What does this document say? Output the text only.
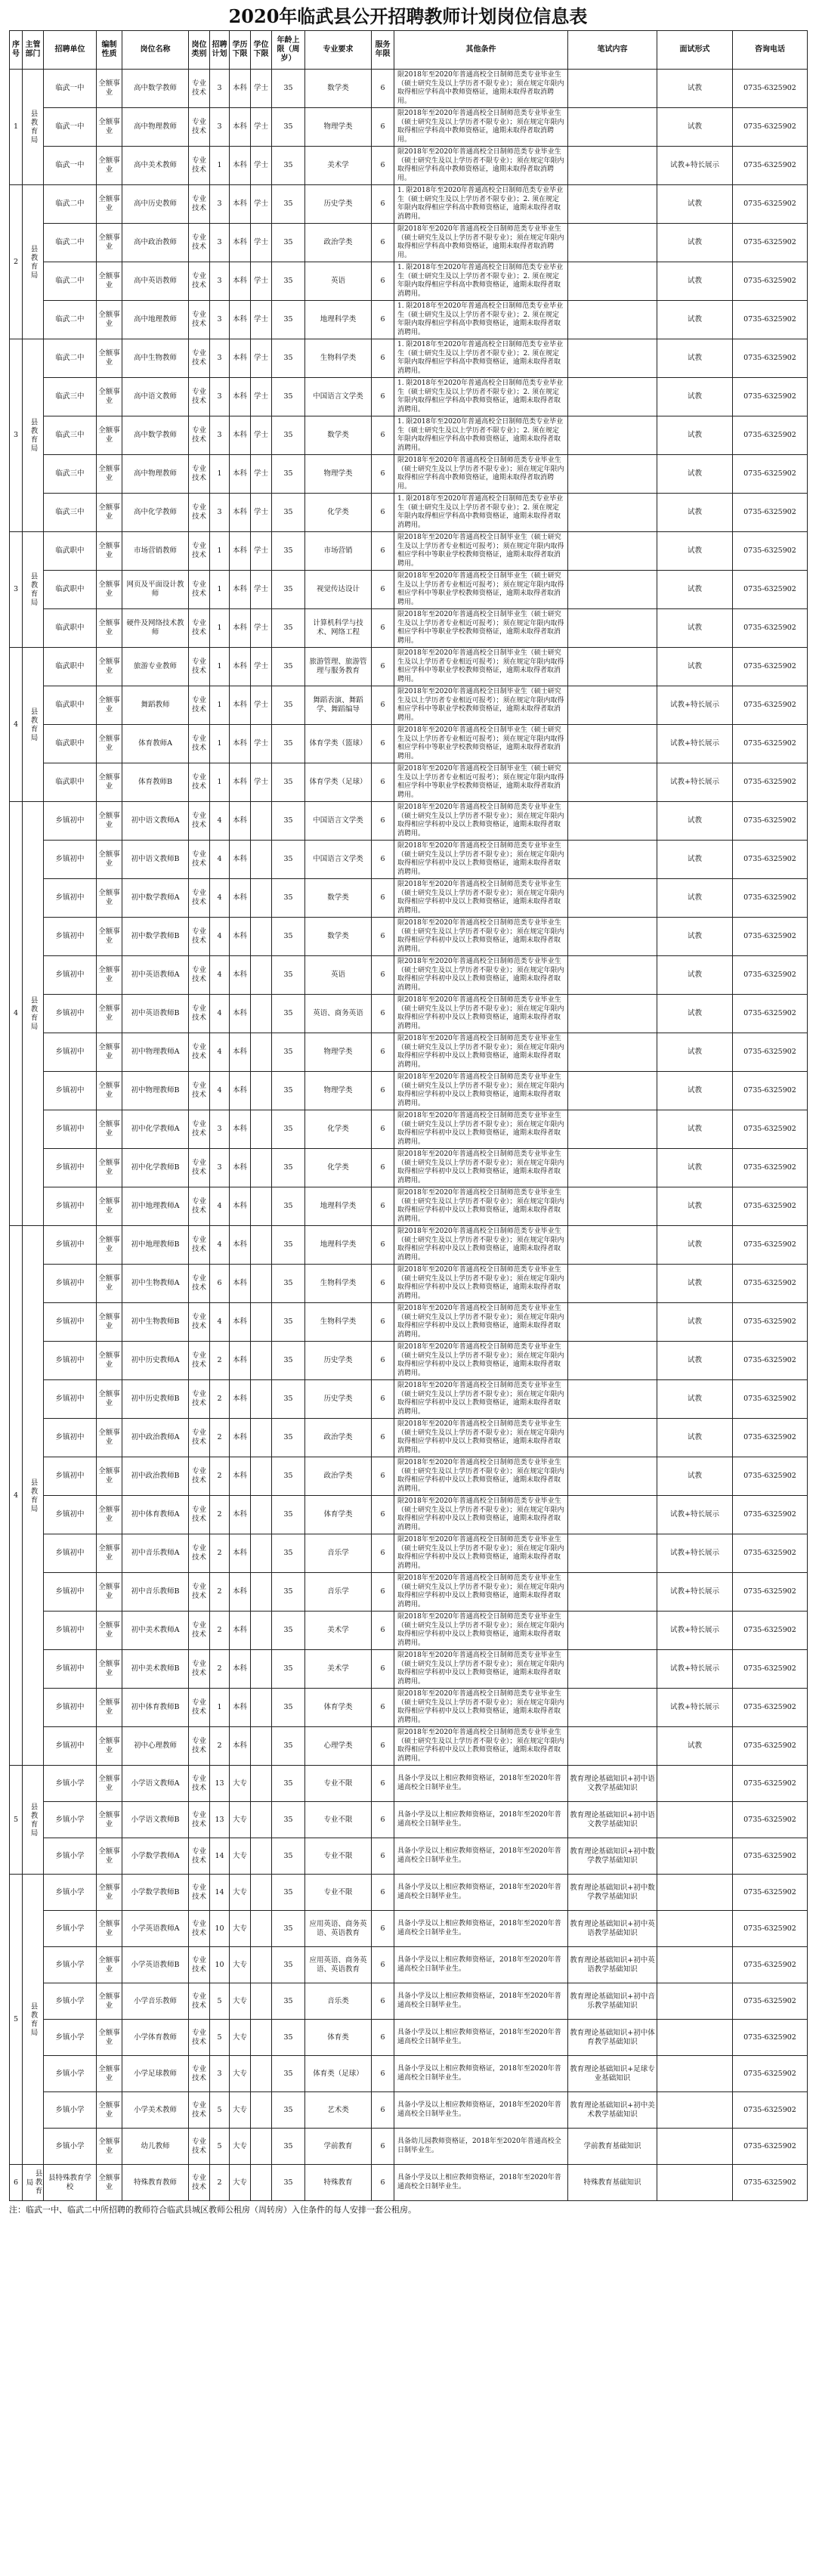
2020年临武县公开招聘教师计划岗位信息表
序号	主管部门	招聘单位	编制性质	岗位名称	岗位类别	招聘计划	学历下限	学位下限	年龄上限（周岁）	专业要求	服务年限	其他条件	笔试内容	面试形式	咨询电话
1	县教育局	临武一中	全额事业	高中数学教师	专业技术	3	本科	学士	35	数学类	6	限2018年至2020年普通高校全日制师范类专业毕业生（硕士研究生及以上学历者不限专业）；须在规定年限内取得相应学科高中教师资格证，逾期未取得者取消聘用。		试教	0735-6325902
		临武一中	全额事业	高中物理教师	专业技术	3	本科	学士	35	物理学类	6	限2018年至2020年普通高校全日制师范类专业毕业生（硕士研究生及以上学历者不限专业）；须在规定年限内取得相应学科高中教师资格证，逾期未取得者取消聘用。		试教	0735-6325902
		临武一中	全额事业	高中美术教师	专业技术	1	本科	学士	35	美术学	6	限2018年至2020年普通高校全日制师范类专业毕业生（硕士研究生及以上学历者不限专业）；须在规定年限内取得相应学科高中教师资格证，逾期未取得者取消聘用。		试教+特长展示	0735-6325902
2	县教育局	临武二中	全额事业	高中历史教师	专业技术	3	本科	学士	35	历史学类	6	1. 限2018年至2020年普通高校全日制师范类专业毕业生（硕士研究生及以上学历者不限专业）；2. 须在规定年限内取得相应学科高中教师资格证，逾期未取得者取消聘用。		试教	0735-6325902
		临武二中	全额事业	高中政治教师	专业技术	3	本科	学士	35	政治学类	6	限2018年至2020年普通高校全日制师范类专业毕业生（硕士研究生及以上学历者不限专业）；须在规定年限内取得相应学科高中教师资格证，逾期未取得者取消聘用。		试教	0735-6325902
		临武二中	全额事业	高中英语教师	专业技术	3	本科	学士	35	英语	6	1. 限2018年至2020年普通高校全日制师范类专业毕业生（硕士研究生及以上学历者不限专业）；2. 须在规定年限内取得相应学科高中教师资格证，逾期未取得者取消聘用。		试教	0735-6325902
		临武二中	全额事业	高中地理教师	专业技术	3	本科	学士	35	地理科学类	6	1. 限2018年至2020年普通高校全日制师范类专业毕业生（硕士研究生及以上学历者不限专业）；2. 须在规定年限内取得相应学科高中教师资格证，逾期未取得者取消聘用。		试教	0735-6325902
3	县教育局	临武二中	全额事业	高中生物教师	专业技术	3	本科	学士	35	生物科学类	6	1. 限2018年至2020年普通高校全日制师范类专业毕业生（硕士研究生及以上学历者不限专业）；2. 须在规定年限内取得相应学科高中教师资格证，逾期未取得者取消聘用。		试教	0735-6325902
		临武三中	全额事业	高中语文教师	专业技术	3	本科	学士	35	中国语言文学类	6	1. 限2018年至2020年普通高校全日制师范类专业毕业生（硕士研究生及以上学历者不限专业）；2. 须在规定年限内取得相应学科高中教师资格证，逾期未取得者取消聘用。		试教	0735-6325902
		临武三中	全额事业	高中数学教师	专业技术	3	本科	学士	35	数学类	6	1. 限2018年至2020年普通高校全日制师范类专业毕业生（硕士研究生及以上学历者不限专业）；2. 须在规定年限内取得相应学科高中教师资格证，逾期未取得者取消聘用。		试教	0735-6325902
		临武三中	全额事业	高中物理教师	专业技术	1	本科	学士	35	物理学类	6	限2018年至2020年普通高校全日制师范类专业毕业生（硕士研究生及以上学历者不限专业）；须在规定年限内取得相应学科高中教师资格证，逾期未取得者取消聘用。		试教	0735-6325902
		临武三中	全额事业	高中化学教师	专业技术	3	本科	学士	35	化学类	6	1. 限2018年至2020年普通高校全日制师范类专业毕业生（硕士研究生及以上学历者不限专业）；2. 须在规定年限内取得相应学科高中教师资格证，逾期未取得者取消聘用。		试教	0735-6325902
3	县教育局	临武职中	全额事业	市场营销教师	专业技术	1	本科	学士	35	市场营销	6	限2018年至2020年普通高校全日制毕业生（硕士研究生及以上学历者专业相近可报考）；须在规定年限内取得相应学科中等职业学校教师资格证，逾期未取得者取消聘用。		试教	0735-6325902
		临武职中	全额事业	网页及平面设计教师	专业技术	1	本科	学士	35	视觉传达设计	6	限2018年至2020年普通高校全日制毕业生（硕士研究生及以上学历者专业相近可报考）；须在规定年限内取得相应学科中等职业学校教师资格证，逾期未取得者取消聘用。		试教	0735-6325902
		临武职中	全额事业	硬件及网络技术教师	专业技术	1	本科	学士	35	计算机科学与技术、网络工程	6	限2018年至2020年普通高校全日制毕业生（硕士研究生及以上学历者专业相近可报考）；须在规定年限内取得相应学科中等职业学校教师资格证，逾期未取得者取消聘用。		试教	0735-6325902
4	县教育局	临武职中	全额事业	旅游专业教师	专业技术	1	本科	学士	35	旅游管理、旅游管理与服务教育	6	限2018年至2020年普通高校全日制毕业生（硕士研究生及以上学历者专业相近可报考）；须在规定年限内取得相应学科中等职业学校教师资格证，逾期未取得者取消聘用。		试教	0735-6325902
		临武职中	全额事业	舞蹈教师	专业技术	1	本科	学士	35	舞蹈表演、舞蹈学、舞蹈编导	6	限2018年至2020年普通高校全日制毕业生（硕士研究生及以上学历者专业相近可报考）；须在规定年限内取得相应学科中等职业学校教师资格证，逾期未取得者取消聘用。		试教+特长展示	0735-6325902
		临武职中	全额事业	体育教师A	专业技术	1	本科	学士	35	体育学类（篮球）	6	限2018年至2020年普通高校全日制毕业生（硕士研究生及以上学历者专业相近可报考）；须在规定年限内取得相应学科中等职业学校教师资格证，逾期未取得者取消聘用。		试教+特长展示	0735-6325902
		临武职中	全额事业	体育教师B	专业技术	1	本科	学士	35	体育学类（足球）	6	限2018年至2020年普通高校全日制毕业生（硕士研究生及以上学历者专业相近可报考）；须在规定年限内取得相应学科中等职业学校教师资格证，逾期未取得者取消聘用。		试教+特长展示	0735-6325902
4	县教育局	乡镇初中	全额事业	初中语文教师A	专业技术	4	本科		35	中国语言文学类	6	限2018年至2020年普通高校全日制师范类专业毕业生（硕士研究生及以上学历者不限专业）；须在规定年限内取得相应学科初中及以上教师资格证，逾期未取得者取消聘用。		试教	0735-6325902
		乡镇初中	全额事业	初中语文教师B	专业技术	4	本科		35	中国语言文学类	6	限2018年至2020年普通高校全日制师范类专业毕业生（硕士研究生及以上学历者不限专业）；须在规定年限内取得相应学科初中及以上教师资格证，逾期未取得者取消聘用。		试教	0735-6325902
		乡镇初中	全额事业	初中数学教师A	专业技术	4	本科		35	数学类	6	限2018年至2020年普通高校全日制师范类专业毕业生（硕士研究生及以上学历者不限专业）；须在规定年限内取得相应学科初中及以上教师资格证，逾期未取得者取消聘用。		试教	0735-6325902
		乡镇初中	全额事业	初中数学教师B	专业技术	4	本科		35	数学类	6	限2018年至2020年普通高校全日制师范类专业毕业生（硕士研究生及以上学历者不限专业）；须在规定年限内取得相应学科初中及以上教师资格证，逾期未取得者取消聘用。		试教	0735-6325902
		乡镇初中	全额事业	初中英语教师A	专业技术	4	本科		35	英语	6	限2018年至2020年普通高校全日制师范类专业毕业生（硕士研究生及以上学历者不限专业）；须在规定年限内取得相应学科初中及以上教师资格证，逾期未取得者取消聘用。		试教	0735-6325902
		乡镇初中	全额事业	初中英语教师B	专业技术	4	本科		35	英语、商务英语	6	限2018年至2020年普通高校全日制师范类专业毕业生（硕士研究生及以上学历者不限专业）；须在规定年限内取得相应学科初中及以上教师资格证，逾期未取得者取消聘用。		试教	0735-6325902
		乡镇初中	全额事业	初中物理教师A	专业技术	4	本科		35	物理学类	6	限2018年至2020年普通高校全日制师范类专业毕业生（硕士研究生及以上学历者不限专业）；须在规定年限内取得相应学科初中及以上教师资格证，逾期未取得者取消聘用。		试教	0735-6325902
		乡镇初中	全额事业	初中物理教师B	专业技术	4	本科		35	物理学类	6	限2018年至2020年普通高校全日制师范类专业毕业生（硕士研究生及以上学历者不限专业）；须在规定年限内取得相应学科初中及以上教师资格证，逾期未取得者取消聘用。		试教	0735-6325902
		乡镇初中	全额事业	初中化学教师A	专业技术	3	本科		35	化学类	6	限2018年至2020年普通高校全日制师范类专业毕业生（硕士研究生及以上学历者不限专业）；须在规定年限内取得相应学科初中及以上教师资格证，逾期未取得者取消聘用。		试教	0735-6325902
		乡镇初中	全额事业	初中化学教师B	专业技术	3	本科		35	化学类	6	限2018年至2020年普通高校全日制师范类专业毕业生（硕士研究生及以上学历者不限专业）；须在规定年限内取得相应学科初中及以上教师资格证，逾期未取得者取消聘用。		试教	0735-6325902
		乡镇初中	全额事业	初中地理教师A	专业技术	4	本科		35	地理科学类	6	限2018年至2020年普通高校全日制师范类专业毕业生（硕士研究生及以上学历者不限专业）；须在规定年限内取得相应学科初中及以上教师资格证，逾期未取得者取消聘用。		试教	0735-6325902
4	县教育局	乡镇初中	全额事业	初中地理教师B	专业技术	4	本科		35	地理科学类	6	限2018年至2020年普通高校全日制师范类专业毕业生（硕士研究生及以上学历者不限专业）；须在规定年限内取得相应学科初中及以上教师资格证，逾期未取得者取消聘用。		试教	0735-6325902
		乡镇初中	全额事业	初中生物教师A	专业技术	6	本科		35	生物科学类	6	限2018年至2020年普通高校全日制师范类专业毕业生（硕士研究生及以上学历者不限专业）；须在规定年限内取得相应学科初中及以上教师资格证，逾期未取得者取消聘用。		试教	0735-6325902
		乡镇初中	全额事业	初中生物教师B	专业技术	4	本科		35	生物科学类	6	限2018年至2020年普通高校全日制师范类专业毕业生（硕士研究生及以上学历者不限专业）；须在规定年限内取得相应学科初中及以上教师资格证，逾期未取得者取消聘用。		试教	0735-6325902
		乡镇初中	全额事业	初中历史教师A	专业技术	2	本科		35	历史学类	6	限2018年至2020年普通高校全日制师范类专业毕业生（硕士研究生及以上学历者不限专业）；须在规定年限内取得相应学科初中及以上教师资格证，逾期未取得者取消聘用。		试教	0735-6325902
		乡镇初中	全额事业	初中历史教师B	专业技术	2	本科		35	历史学类	6	限2018年至2020年普通高校全日制师范类专业毕业生（硕士研究生及以上学历者不限专业）；须在规定年限内取得相应学科初中及以上教师资格证，逾期未取得者取消聘用。		试教	0735-6325902
		乡镇初中	全额事业	初中政治教师A	专业技术	2	本科		35	政治学类	6	限2018年至2020年普通高校全日制师范类专业毕业生（硕士研究生及以上学历者不限专业）；须在规定年限内取得相应学科初中及以上教师资格证，逾期未取得者取消聘用。		试教	0735-6325902
		乡镇初中	全额事业	初中政治教师B	专业技术	2	本科		35	政治学类	6	限2018年至2020年普通高校全日制师范类专业毕业生（硕士研究生及以上学历者不限专业）；须在规定年限内取得相应学科初中及以上教师资格证，逾期未取得者取消聘用。		试教	0735-6325902
		乡镇初中	全额事业	初中体育教师A	专业技术	2	本科		35	体育学类	6	限2018年至2020年普通高校全日制师范类专业毕业生（硕士研究生及以上学历者不限专业）；须在规定年限内取得相应学科初中及以上教师资格证，逾期未取得者取消聘用。		试教+特长展示	0735-6325902
		乡镇初中	全额事业	初中音乐教师A	专业技术	2	本科		35	音乐学	6	限2018年至2020年普通高校全日制师范类专业毕业生（硕士研究生及以上学历者不限专业）；须在规定年限内取得相应学科初中及以上教师资格证，逾期未取得者取消聘用。		试教+特长展示	0735-6325902
		乡镇初中	全额事业	初中音乐教师B	专业技术	2	本科		35	音乐学	6	限2018年至2020年普通高校全日制师范类专业毕业生（硕士研究生及以上学历者不限专业）；须在规定年限内取得相应学科初中及以上教师资格证，逾期未取得者取消聘用。		试教+特长展示	0735-6325902
		乡镇初中	全额事业	初中美术教师A	专业技术	2	本科		35	美术学	6	限2018年至2020年普通高校全日制师范类专业毕业生（硕士研究生及以上学历者不限专业）；须在规定年限内取得相应学科初中及以上教师资格证，逾期未取得者取消聘用。		试教+特长展示	0735-6325902
		乡镇初中	全额事业	初中美术教师B	专业技术	2	本科		35	美术学	6	限2018年至2020年普通高校全日制师范类专业毕业生（硕士研究生及以上学历者不限专业）；须在规定年限内取得相应学科初中及以上教师资格证，逾期未取得者取消聘用。		试教+特长展示	0735-6325902
		乡镇初中	全额事业	初中体育教师B	专业技术	1	本科		35	体育学类	6	限2018年至2020年普通高校全日制师范类专业毕业生（硕士研究生及以上学历者不限专业）；须在规定年限内取得相应学科初中及以上教师资格证，逾期未取得者取消聘用。		试教+特长展示	0735-6325902
		乡镇初中	全额事业	初中心理教师	专业技术	2	本科		35	心理学类	6	限2018年至2020年普通高校全日制师范类专业毕业生（硕士研究生及以上学历者不限专业）；须在规定年限内取得相应学科初中及以上教师资格证，逾期未取得者取消聘用。		试教	0735-6325902
5	县教育局	乡镇小学	全额事业	小学语文教师A	专业技术	13	大专		35	专业不限	6	具备小学及以上相应教师资格证，2018年至2020年普通高校全日制毕业生。	教育理论基础知识+初中语文教学基础知识		0735-6325902
		乡镇小学	全额事业	小学语文教师B	专业技术	13	大专		35	专业不限	6	具备小学及以上相应教师资格证，2018年至2020年普通高校全日制毕业生。	教育理论基础知识+初中语文教学基础知识		0735-6325902
		乡镇小学	全额事业	小学数学教师A	专业技术	14	大专		35	专业不限	6	具备小学及以上相应教师资格证，2018年至2020年普通高校全日制毕业生。	教育理论基础知识+初中数学教学基础知识		0735-6325902
5	县教育局	乡镇小学	全额事业	小学数学教师B	专业技术	14	大专		35	专业不限	6	具备小学及以上相应教师资格证，2018年至2020年普通高校全日制毕业生。	教育理论基础知识+初中数学教学基础知识		0735-6325902
		乡镇小学	全额事业	小学英语教师A	专业技术	10	大专		35	应用英语、商务英语、英语教育	6	具备小学及以上相应教师资格证，2018年至2020年普通高校全日制毕业生。	教育理论基础知识+初中英语教学基础知识		0735-6325902
		乡镇小学	全额事业	小学英语教师B	专业技术	10	大专		35	应用英语、商务英语、英语教育	6	具备小学及以上相应教师资格证，2018年至2020年普通高校全日制毕业生。	教育理论基础知识+初中英语教学基础知识		0735-6325902
		乡镇小学	全额事业	小学音乐教师	专业技术	5	大专		35	音乐类	6	具备小学及以上相应教师资格证，2018年至2020年普通高校全日制毕业生。	教育理论基础知识+初中音乐教学基础知识		0735-6325902
		乡镇小学	全额事业	小学体育教师	专业技术	5	大专		35	体育类	6	具备小学及以上相应教师资格证，2018年至2020年普通高校全日制毕业生。	教育理论基础知识+初中体育教学基础知识		0735-6325902
		乡镇小学	全额事业	小学足球教师	专业技术	3	大专		35	体育类（足球）	6	具备小学及以上相应教师资格证，2018年至2020年普通高校全日制毕业生。	教育理论基础知识+足球专业基础知识		0735-6325902
		乡镇小学	全额事业	小学美术教师	专业技术	5	大专		35	艺术类	6	具备小学及以上相应教师资格证，2018年至2020年普通高校全日制毕业生。	教育理论基础知识+初中美术教学基础知识		0735-6325902
		乡镇小学	全额事业	幼儿教师	专业技术	5	大专		35	学前教育	6	具备幼儿园教师资格证，2018年至2020年普通高校全日制毕业生。	学前教育基础知识		0735-6325902
6	县教育局	县特殊教育学校	全额事业	特殊教育教师	专业技术	2	大专		35	特殊教育	6	具备小学及以上相应教师资格证，2018年至2020年普通高校全日制毕业生。	特殊教育基础知识		0735-6325902
注：临武一中、临武二中所招聘的教师符合临武县城区教师公租房（周转房）入住条件的每人安排一套公租房。
